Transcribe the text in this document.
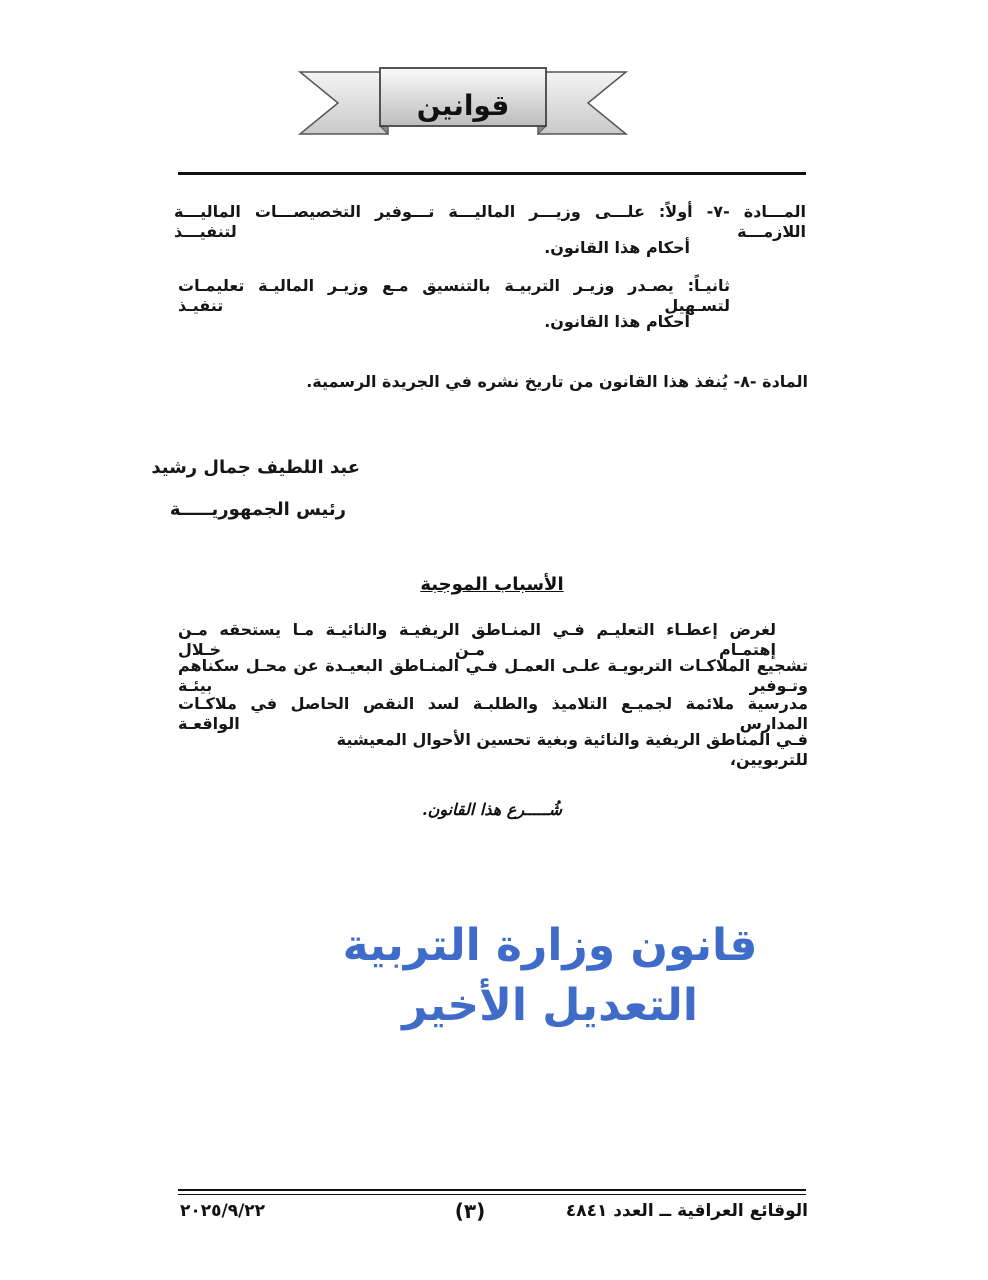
قوانين
المـــادة -٧- أولاً: علـــى وزيـــر الماليـــة تـــوفير التخصيصـــات الماليـــة اللازمـــة لتنفيـــذ
أحكام هذا القانون.
ثانيـاً: يصـدر وزيـر التربيـة بالتنسيق مـع وزيـر الماليـة تعليمـات لتسـهيل تنفيـذ
أحكام هذا القانون.
المادة -٨- يُنفذ هذا القانون من تاريخ نشره في الجريدة الرسمية.
عبد اللطيف جمال رشيد
رئيس الجمهوريـــــة
الأسباب الموجبة
لغرض إعطـاء التعليـم فـي المنـاطق الريفيـة والنائيـة مـا يستحقه مـن إهتمـام مـن خـلال
تشجيع الملاكـات التربويـة علـى العمـل فـي المنـاطق البعيـدة عن محـل سكناهم وتـوفير بيئـة
مدرسية ملائمة لجميـع التلاميذ والطلبـة لسد النقص الحاصل في ملاكـات المدارس الواقعـة
فـي المناطق الريفية والنائية وبغية تحسين الأحوال المعيشية للتربويين،
شُـــــرع هذا القانون.
قانون وزارة التربية
التعديل الأخير
الوقائع العراقية ــ العدد ٤٨٤١
(٣)
٢٠٢٥/٩/٢٢
